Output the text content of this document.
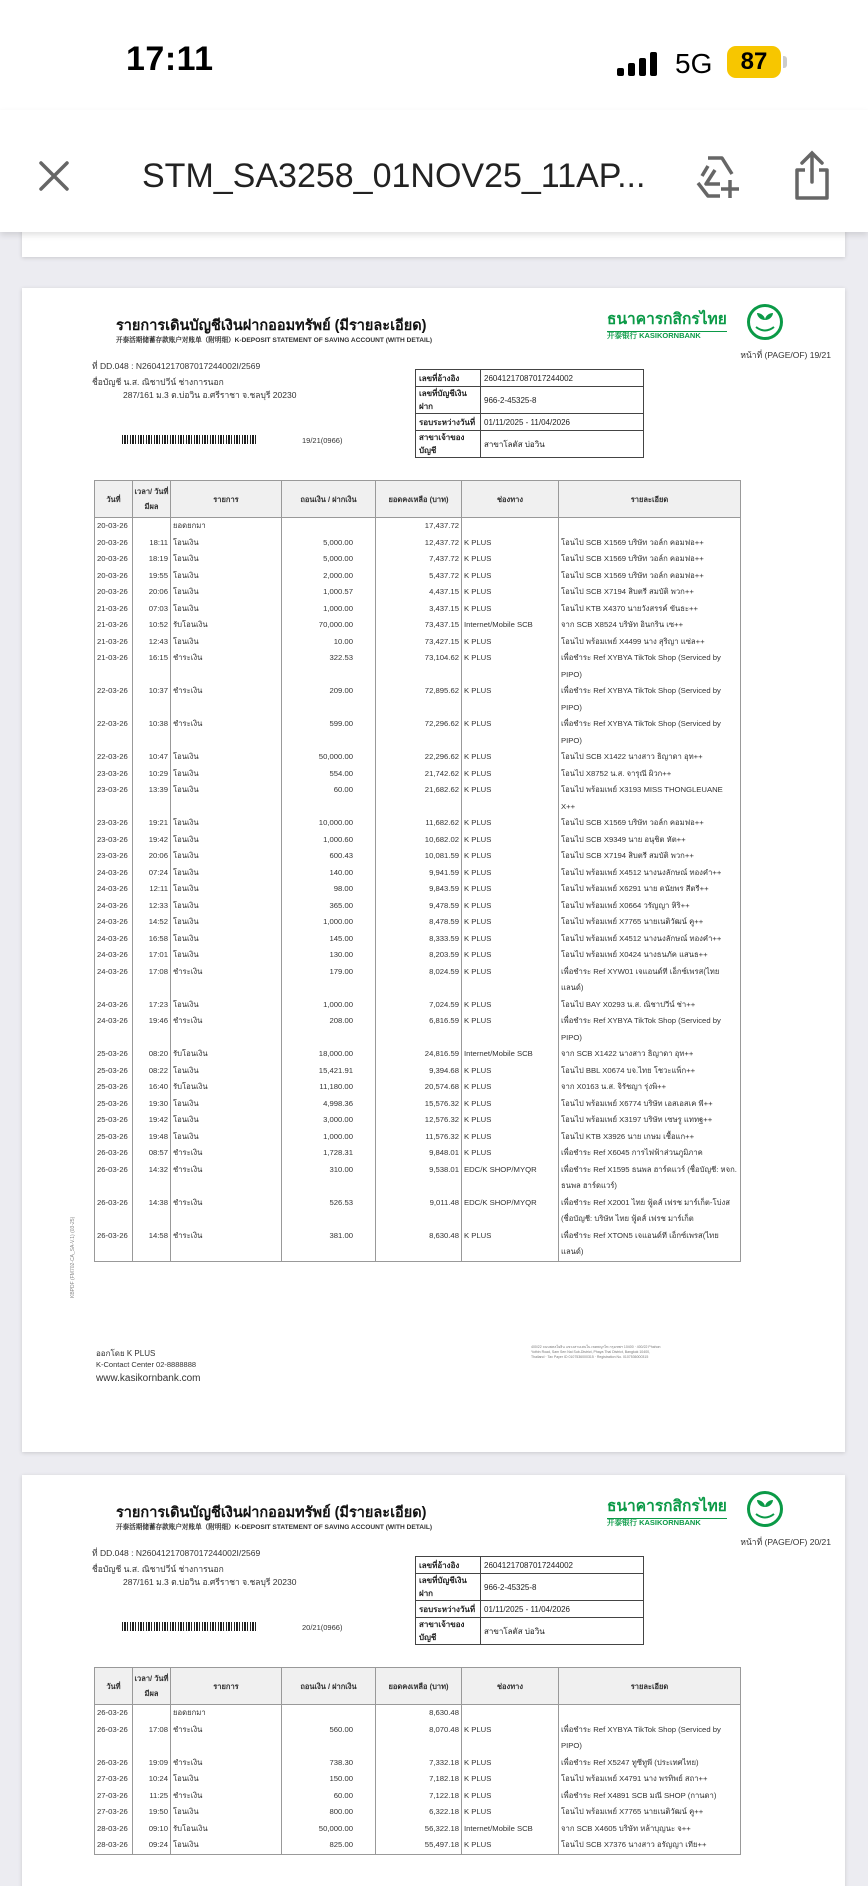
17:11	5G	87
STM_SA3258_01NOV25_11AP...
รายการเดินบัญชีเงินฝากออมทรัพย์ (มีรายละเอียด)
开泰活期储蓄存款账户对账单（附明细）K-DEPOSIT STATEMENT OF SAVING ACCOUNT (WITH DETAIL)
ธนาคารกสิกรไทย
开泰银行 KASIKORNBANK
หน้าที่ (PAGE/OF) 19/21
ที่ DD.048 : N2604121708701724400​2I/2569
ชื่อบัญชี น.ส. ณิชาปวีน์ ช่างการนอก
287/161 ม.3 ต.บ่อวิน อ.ศรีราชา จ.ชลบุรี 20230
เลขที่อ้างอิง	26041217087017244002
เลขที่บัญชีเงินฝาก	966-2-45325-8
รอบระหว่างวันที่	01/11/2025 - 11/04/2026
สาขาเจ้าของบัญชี	สาขาโลตัส บ่อวิน
19/21(0966)
วันที่	เวลา/ วันที่มีผล	รายการ	ถอนเงิน / ฝากเงิน	ยอดคงเหลือ (บาท)	ช่องทาง	รายละเอียด
20-03-26		ยอดยกมา		17,437.72		
20-03-26	18:11	โอนเงิน	5,000.00	12,437.72	K PLUS	โอนไป SCB X1569 บริษัท วอล์ก คอมฟอ++
20-03-26	18:19	โอนเงิน	5,000.00	7,437.72	K PLUS	โอนไป SCB X1569 บริษัท วอล์ก คอมฟอ++
20-03-26	19:55	โอนเงิน	2,000.00	5,437.72	K PLUS	โอนไป SCB X1569 บริษัท วอล์ก คอมฟอ++
20-03-26	20:06	โอนเงิน	1,000.57	4,437.15	K PLUS	โอนไป SCB X7194 สิบตรี สมบัติ พวก++
21-03-26	07:03	โอนเงิน	1,000.00	3,437.15	K PLUS	โอนไป KTB X4370 นายวังสรรค์ ขันธะ++
21-03-26	10:52	รับโอนเงิน	70,000.00	73,437.15	Internet/Mobile SCB	จาก SCB X8524 บริษัท อินกริน เซ++
21-03-26	12:43	โอนเงิน	10.00	73,427.15	K PLUS	โอนไป พร้อมเพย์ X4499 นาง สุริญา แซ่ล++
21-03-26	16:15	ชำระเงิน	322.53	73,104.62	K PLUS	เพื่อชำระ Ref XYBYA TikTok Shop (Serviced by PIPO)
22-03-26	10:37	ชำระเงิน	209.00	72,895.62	K PLUS	เพื่อชำระ Ref XYBYA TikTok Shop (Serviced by PIPO)
22-03-26	10:38	ชำระเงิน	599.00	72,296.62	K PLUS	เพื่อชำระ Ref XYBYA TikTok Shop (Serviced by PIPO)
22-03-26	10:47	โอนเงิน	50,000.00	22,296.62	K PLUS	โอนไป SCB X1422 นางสาว ธิญาดา อุท++
23-03-26	10:29	โอนเงิน	554.00	21,742.62	K PLUS	โอนไป X8752 น.ส. จารุณี ผิวก++
23-03-26	13:39	โอนเงิน	60.00	21,682.62	K PLUS	โอนไป พร้อมเพย์ X3193 MISS THONGLEUANE X++
23-03-26	19:21	โอนเงิน	10,000.00	11,682.62	K PLUS	โอนไป SCB X1569 บริษัท วอล์ก คอมฟอ++
23-03-26	19:42	โอนเงิน	1,000.60	10,682.02	K PLUS	โอนไป SCB X9349 นาย อนุชิต หัต++
23-03-26	20:06	โอนเงิน	600.43	10,081.59	K PLUS	โอนไป SCB X7194 สิบตรี สมบัติ พวก++
24-03-26	07:24	โอนเงิน	140.00	9,941.59	K PLUS	โอนไป พร้อมเพย์ X4512 นางนงลักษณ์ ทองคำ++
24-03-26	12:11	โอนเงิน	98.00	9,843.59	K PLUS	โอนไป พร้อมเพย์ X6291 นาย ดนัยพร สีตรี++
24-03-26	12:33	โอนเงิน	365.00	9,478.59	K PLUS	โอนไป พร้อมเพย์ X0664 วรัญญา หิริ++
24-03-26	14:52	โอนเงิน	1,000.00	8,478.59	K PLUS	โอนไป พร้อมเพย์ X7765 นายเนติวัฒน์ คู++
24-03-26	16:58	โอนเงิน	145.00	8,333.59	K PLUS	โอนไป พร้อมเพย์ X4512 นางนงลักษณ์ ทองคำ++
24-03-26	17:01	โอนเงิน	130.00	8,203.59	K PLUS	โอนไป พร้อมเพย์ X0424 นางธนภัค แสนธ++
24-03-26	17:08	ชำระเงิน	179.00	8,024.59	K PLUS	เพื่อชำระ Ref XYW01 เจแอนด์ที เอ็กซ์เพรส(ไทยแลนด์)
24-03-26	17:23	โอนเงิน	1,000.00	7,024.59	K PLUS	โอนไป BAY X0293 น.ส. ณิชาปวีน์ ช่า++
24-03-26	19:46	ชำระเงิน	208.00	6,816.59	K PLUS	เพื่อชำระ Ref XYBYA TikTok Shop (Serviced by PIPO)
25-03-26	08:20	รับโอนเงิน	18,000.00	24,816.59	Internet/Mobile SCB	จาก SCB X1422 นางสาว ธิญาดา อุท++
25-03-26	08:22	โอนเงิน	15,421.91	9,394.68	K PLUS	โอนไป BBL X0674 บจ.ไทย โชวะแพ็ก++
25-03-26	16:40	รับโอนเงิน	11,180.00	20,574.68	K PLUS	จาก X0163 น.ส. จิรัชญา รุ่งพิ++
25-03-26	19:30	โอนเงิน	4,998.36	15,576.32	K PLUS	โอนไป พร้อมเพย์ X6774 บริษัท เอสเอสเค พี++
25-03-26	19:42	โอนเงิน	3,000.00	12,576.32	K PLUS	โอนไป พร้อมเพย์ X3197 บริษัท เซษรู แททฐ++
25-03-26	19:48	โอนเงิน	1,000.00	11,576.32	K PLUS	โอนไป KTB X3926 นาย เกษม เชื้อแก++
26-03-26	08:57	ชำระเงิน	1,728.31	9,848.01	K PLUS	เพื่อชำระ Ref X6045 การไฟฟ้าส่วนภูมิภาค
26-03-26	14:32	ชำระเงิน	310.00	9,538.01	EDC/K SHOP/MYQR	เพื่อชำระ Ref X1595 ธนพล ฮาร์ดแวร์ (ชื่อบัญชี: หจก. ธนพล ฮาร์ดแวร์)
26-03-26	14:38	ชำระเงิน	526.53	9,011.48	EDC/K SHOP/MYQR	เพื่อชำระ Ref X2001 ไทย ฟู้ดส์ เฟรช มาร์เก็ต-โบ่งส (ชื่อบัญชี: บริษัท ไทย ฟู้ดส์ เฟรช มาร์เก็ต
26-03-26	14:58	ชำระเงิน	381.00	8,630.48	K PLUS	เพื่อชำระ Ref XTON5 เจแอนด์ที เอ็กซ์เพรส(ไทยแลนด์)
KBPDF (FM702-CA_SA-V.1) (03-25)
ออกโดย K PLUS
K-Contact Center 02-8888888
www.kasikornbank.com
400/22 ถนนพหลโยธิน แขวงสามเสนใน เขตพญาไท กรุงเทพฯ 10400 · 400/22 Phahon Yothin Road, Sam Sen Nai Sub-District, Phaya Thai District, Bangkok 10400, Thailand · Tax Payer ID 0107536000315 · Registration No. 0107536000315
รายการเดินบัญชีเงินฝากออมทรัพย์ (มีรายละเอียด)
开泰活期储蓄存款账户对账单（附明细）K-DEPOSIT STATEMENT OF SAVING ACCOUNT (WITH DETAIL)
ธนาคารกสิกรไทย
开泰银行 KASIKORNBANK
หน้าที่ (PAGE/OF) 20/21
ที่ DD.048 : N2604121708701724400​2I/2569
ชื่อบัญชี น.ส. ณิชาปวีน์ ช่างการนอก
287/161 ม.3 ต.บ่อวิน อ.ศรีราชา จ.ชลบุรี 20230
เลขที่อ้างอิง	26041217087017244002
เลขที่บัญชีเงินฝาก	966-2-45325-8
รอบระหว่างวันที่	01/11/2025 - 11/04/2026
สาขาเจ้าของบัญชี	สาขาโลตัส บ่อวิน
20/21(0966)
วันที่	เวลา/ วันที่มีผล	รายการ	ถอนเงิน / ฝากเงิน	ยอดคงเหลือ (บาท)	ช่องทาง	รายละเอียด
26-03-26		ยอดยกมา		8,630.48		
26-03-26	17:08	ชำระเงิน	560.00	8,070.48	K PLUS	เพื่อชำระ Ref XYBYA TikTok Shop (Serviced by PIPO)
26-03-26	19:09	ชำระเงิน	738.30	7,332.18	K PLUS	เพื่อชำระ Ref X5247 ทูซีทูพี (ประเทศไทย)
27-03-26	10:24	โอนเงิน	150.00	7,182.18	K PLUS	โอนไป พร้อมเพย์ X4791 นาง พรทิพย์ สถา++
27-03-26	11:25	ชำระเงิน	60.00	7,122.18	K PLUS	เพื่อชำระ Ref X4891 SCB มณี SHOP (กานดา)
27-03-26	19:50	โอนเงิน	800.00	6,322.18	K PLUS	โอนไป พร้อมเพย์ X7765 นายเนติวัฒน์ คู++
28-03-26	09:10	รับโอนเงิน	50,000.00	56,322.18	Internet/Mobile SCB	จาก SCB X4605 บริษัท หล้าบุญนะ จ++
28-03-26	09:24	โอนเงิน	825.00	55,497.18	K PLUS	โอนไป SCB X7376 นางสาว อรัญญา เทีย++
